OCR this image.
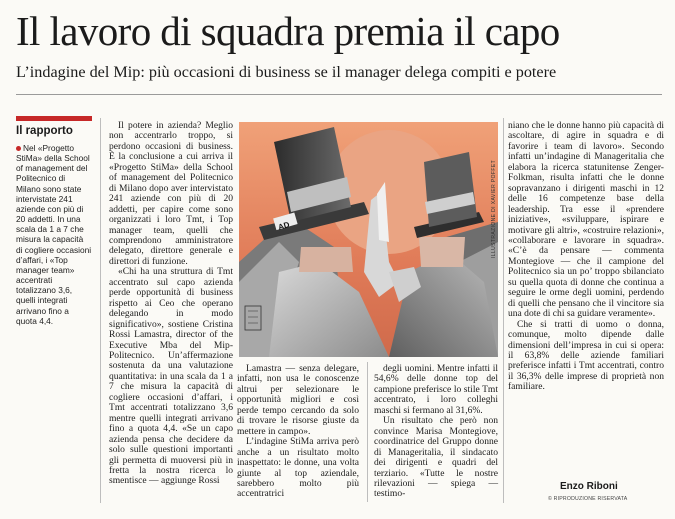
Il lavoro di squadra premia il capo
L’indagine del Mip: più occasioni di business se il manager delega compiti e potere
Il rapporto
Nel «Progetto StiMa» della School of management del Politecnico di Milano sono state intervistate 241 aziende con più di 20 addetti. In una scala da 1 a 7 che misura la capacità di cogliere occasioni d’affari, i «Top manager team» accentrati totalizzano 3,6, quelli integrati arrivano fino a quota 4,4.

Il potere in azienda? Meglio non accentrarlo troppo, si perdono occasioni di business. È la conclusione a cui arriva il «Progetto StiMa» della School of management del Politecnico di Milano dopo aver intervistato 241 aziende con più di 20 addetti, per capire come sono organizzati i loro Tmt, i Top manager team, quelli che comprendono amministratore delegato, direttore generale e direttori di funzione.

«Chi ha una struttura di Tmt accentrato sul capo azienda perde opportunità di business rispetto ai Ceo che operano delegando in modo significativo», sostiene Cristina Rossi Lamastra, director of the Executive Mba del Mip-Politecnico. Un’affermazione sostenuta da una valutazione quantitativa: in una scala da 1 a 7 che misura la capacità di cogliere occasioni d’affari, i Tmt accentrati totalizzano 3,6 mentre quelli integrati arrivano fino a quota 4,4. «Se un capo azienda pensa che decidere da solo sulle questioni importanti gli permetta di muoversi più in fretta la nostra ricerca lo smentisce — aggiunge Rossi

AD	ILLUSTRAZIONE DI XAVIER POFFET

Lamastra — senza delegare, infatti, non usa le conoscenze altrui per selezionare le opportunità migliori e così perde tempo cercando da solo di trovare le risorse giuste da mettere in campo».

L’indagine StiMa arriva però anche a un risultato molto inaspettato: le donne, una volta giunte al top aziendale, sarebbero molto più accentratrici

degli uomini. Mentre infatti il 54,6% delle donne top del campione preferisce lo stile Tmt accentrato, i loro colleghi maschi si fermano al 31,6%.

Un risultato che però non convince Marisa Montegiove, coordinatrice del Gruppo donne di Manageritalia, il sindacato dei dirigenti e quadri del terziario. «Tutte le nostre rilevazioni — spiega — testimo-

niano che le donne hanno più capacità di ascoltare, di agire in squadra e di favorire i team di lavoro». Secondo infatti un’indagine di Manageritalia che elabora la ricerca statunitense Zenger-Folkman, risulta infatti che le donne sopravanzano i dirigenti maschi in 12 delle 16 competenze base della leadership. Tra esse il «prendere iniziative», «sviluppare, ispirare e motivare gli altri», «costruire relazioni», «collaborare e lavorare in squadra». «C’è da pensare — commenta Montegiove — che il campione del Politecnico sia un po’ troppo sbilanciato su quella quota di donne che continua a seguire le orme degli uomini, perdendo di quelli che pensano che il vincitore sia una dote di chi sa guidare veramente».

Che si tratti di uomo o donna, comunque, molto dipende dalle dimensioni dell’impresa in cui si opera: il 63,8% delle aziende familiari preferisce infatti i Tmt accentrati, contro il 36,3% delle imprese di proprietà non familiare.

Enzo Riboni
© RIPRODUZIONE RISERVATA
